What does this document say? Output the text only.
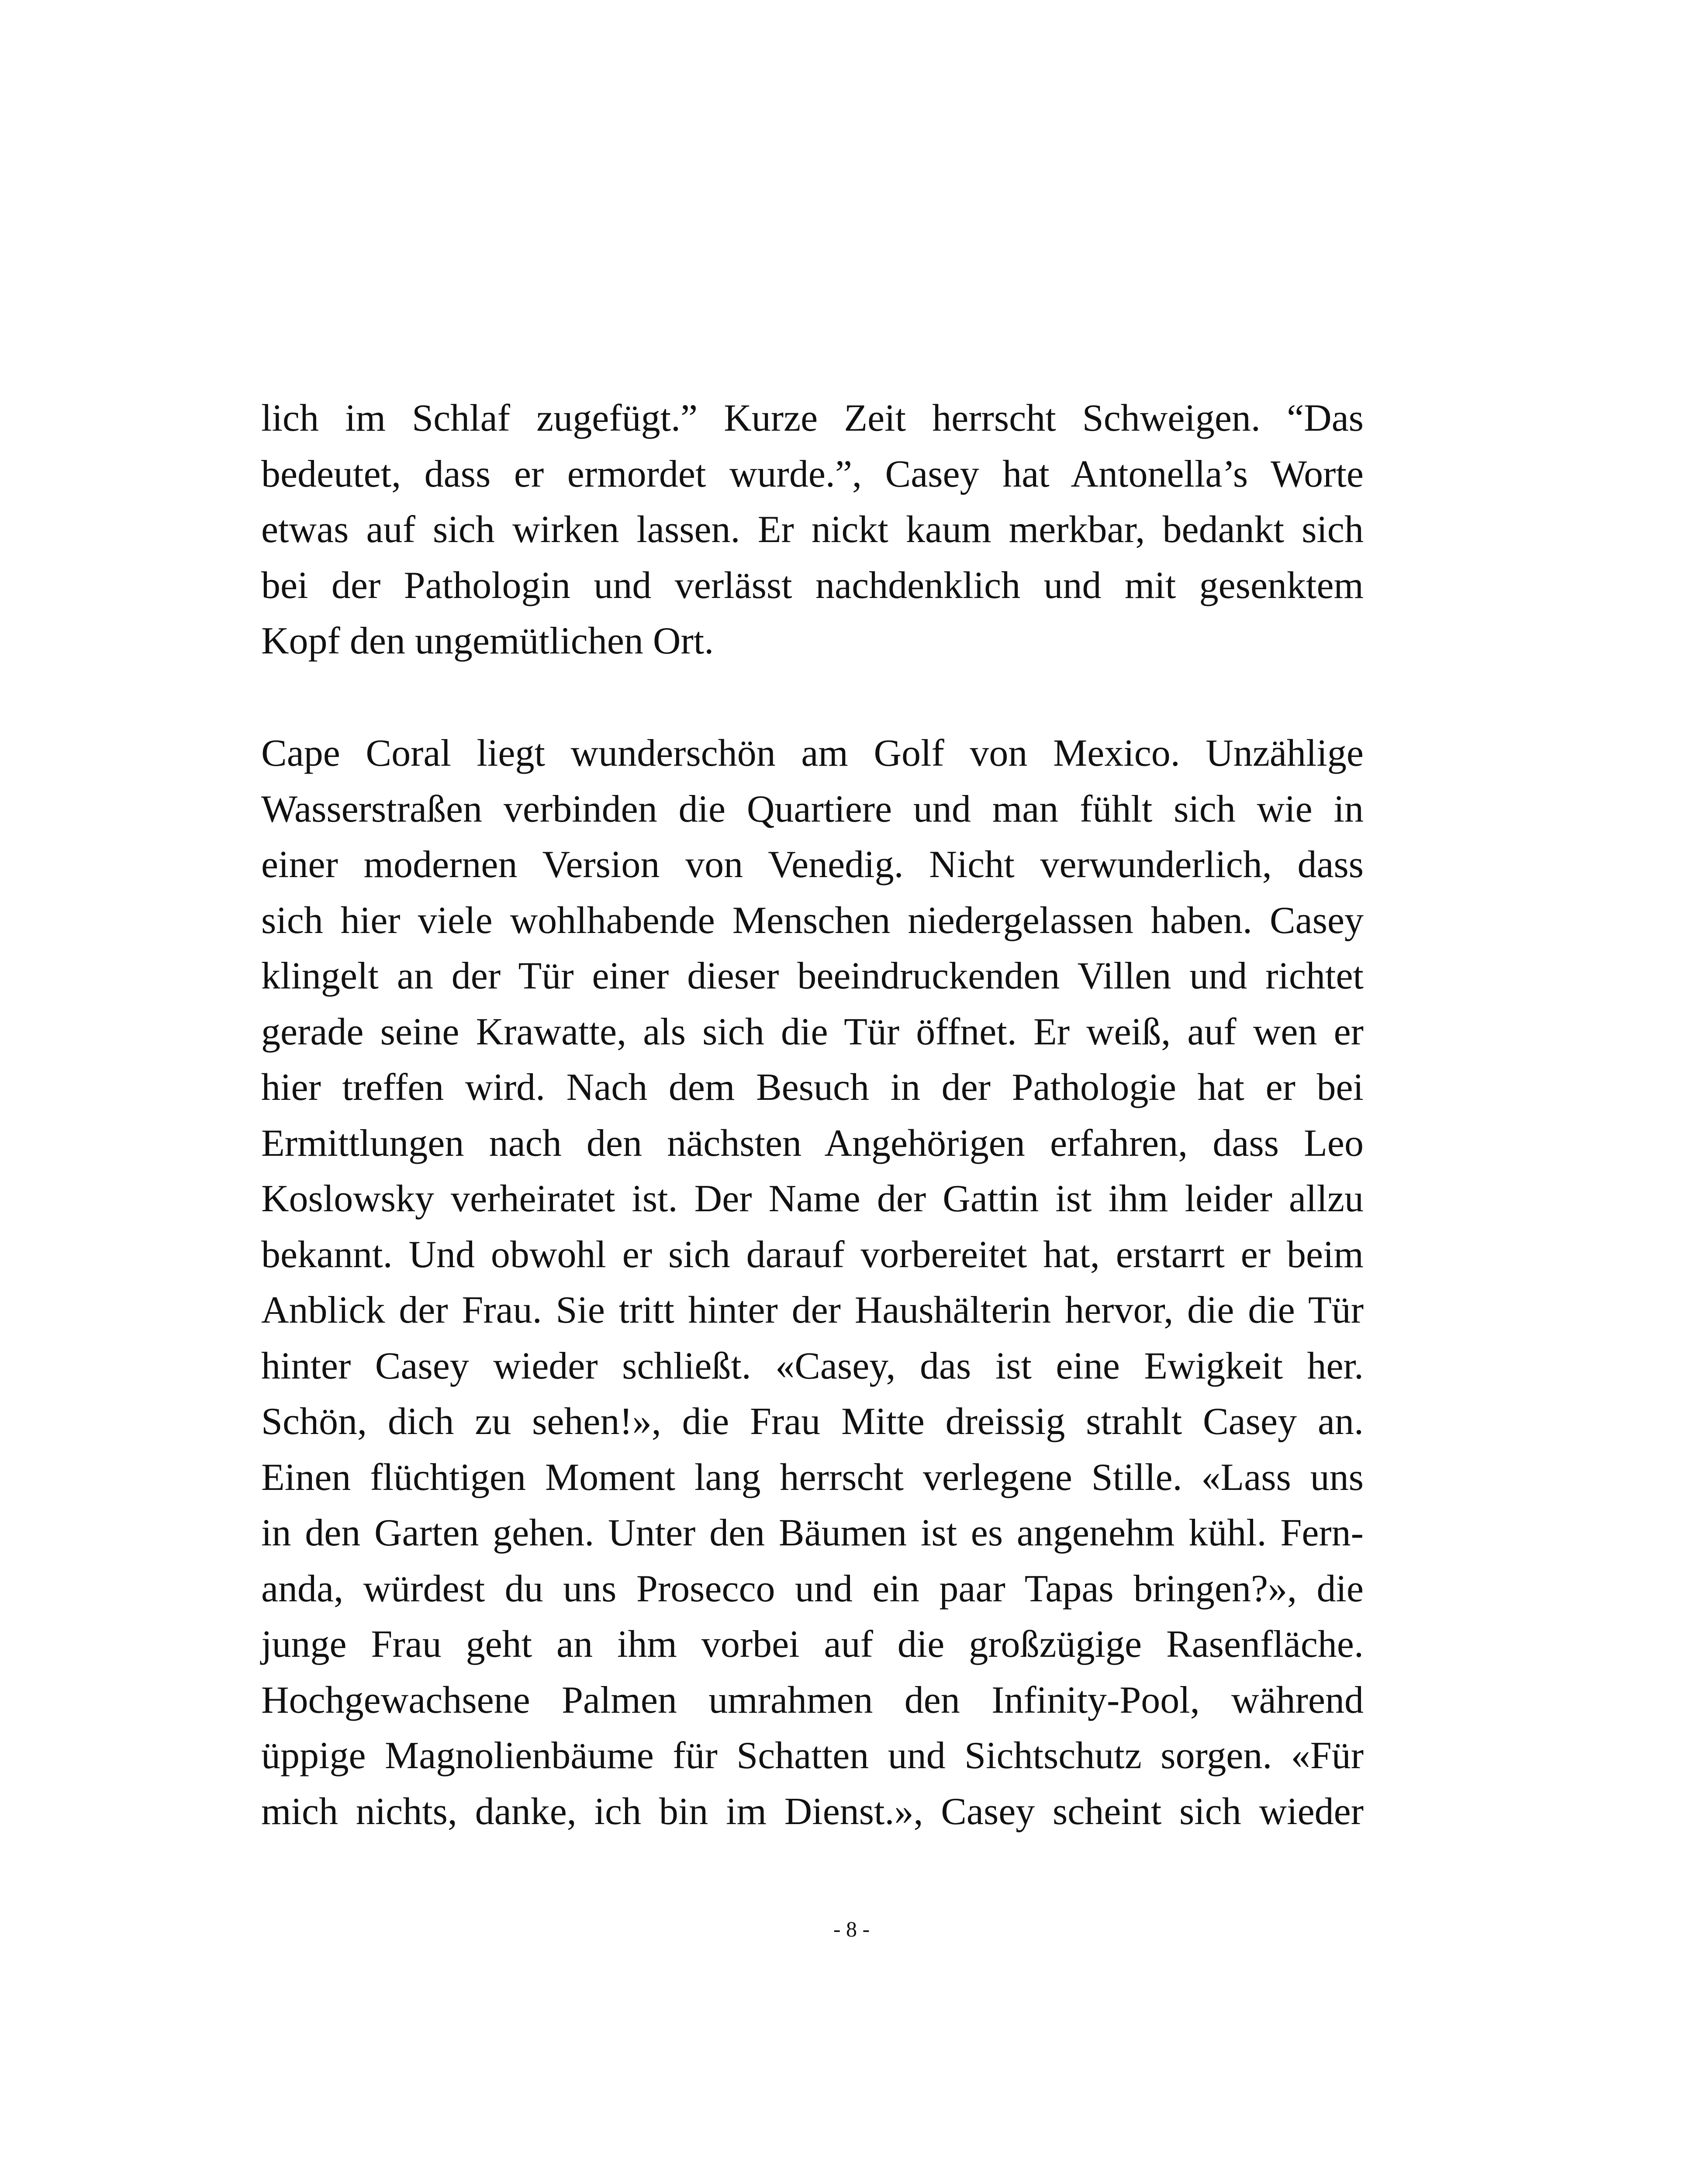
lich im Schlaf zugefügt.” Kurze Zeit herrscht Schweigen. “Das
bedeutet, dass er ermordet wurde.”, Casey hat Antonella’s Worte
etwas auf sich wirken lassen. Er nickt kaum merkbar, bedankt sich
bei der Pathologin und verlässt nachdenklich und mit gesenktem
Kopf den ungemütlichen Ort.
Cape Coral liegt wunderschön am Golf von Mexico. Unzählige
Wasserstraßen verbinden die Quartiere und man fühlt sich wie in
einer modernen Version von Venedig. Nicht verwunderlich, dass
sich hier viele wohlhabende Menschen niedergelassen haben. Casey
klingelt an der Tür einer dieser beeindruckenden Villen und richtet
gerade seine Krawatte, als sich die Tür öffnet. Er weiß, auf wen er
hier treffen wird. Nach dem Besuch in der Pathologie hat er bei
Ermittlungen nach den nächsten Angehörigen erfahren, dass Leo
Koslowsky verheiratet ist. Der Name der Gattin ist ihm leider allzu
bekannt. Und obwohl er sich darauf vorbereitet hat, erstarrt er beim
Anblick der Frau. Sie tritt hinter der Haushälterin hervor, die die Tür
hinter Casey wieder schließt. «Casey, das ist eine Ewigkeit her.
Schön, dich zu sehen!», die Frau Mitte dreissig strahlt Casey an.
Einen flüchtigen Moment lang herrscht verlegene Stille. «Lass uns
in den Garten gehen. Unter den Bäumen ist es angenehm kühl. Fern-
anda, würdest du uns Prosecco und ein paar Tapas bringen?», die
junge Frau geht an ihm vorbei auf die großzügige Rasenfläche.
Hochgewachsene Palmen umrahmen den Infinity-Pool, während
üppige Magnolienbäume für Schatten und Sichtschutz sorgen. «Für
mich nichts, danke, ich bin im Dienst.», Casey scheint sich wieder
- 8 -
